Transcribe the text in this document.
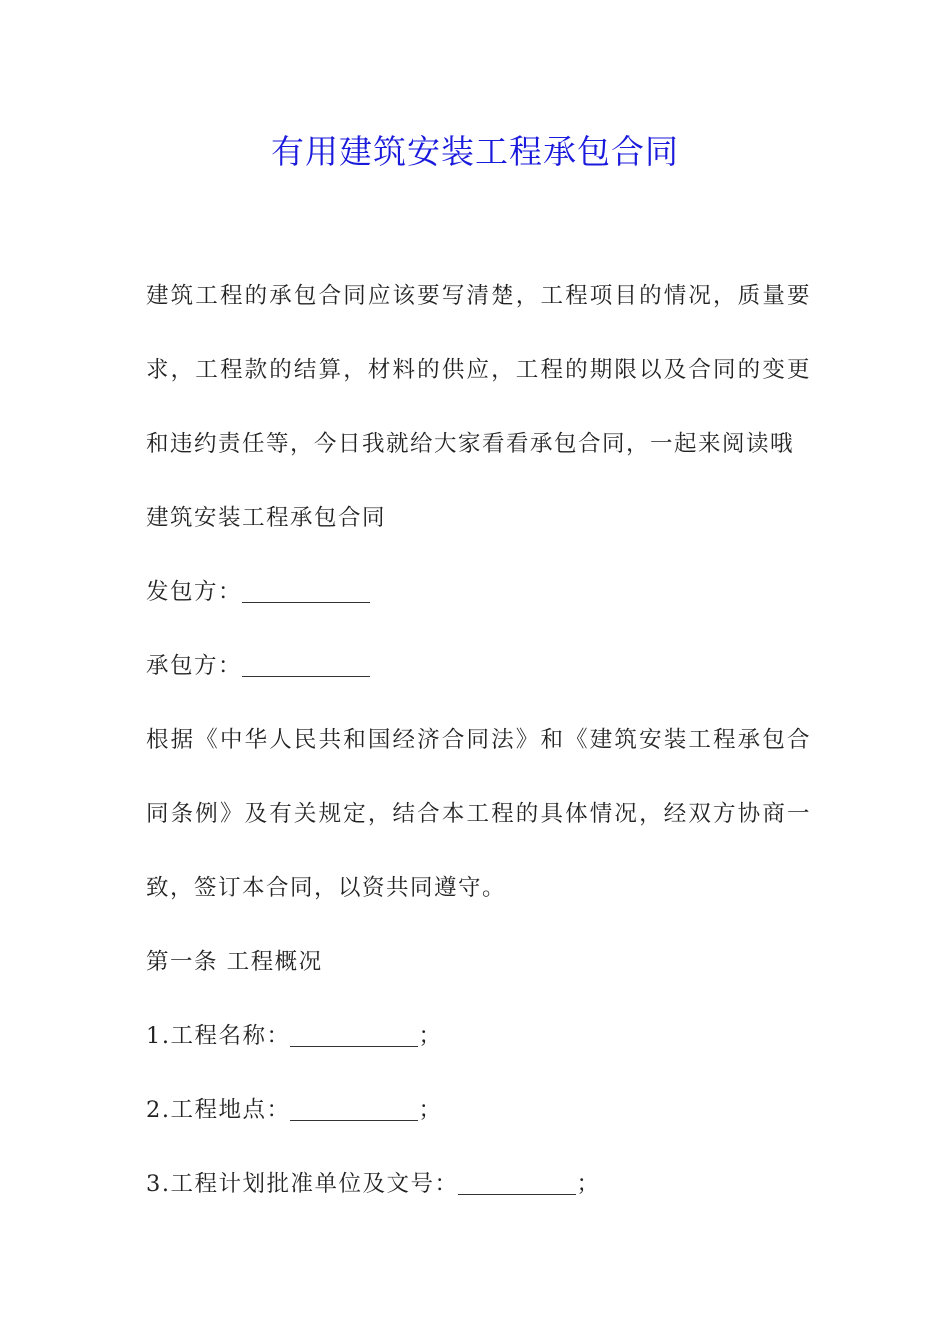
有用建筑安装工程承包合同

建筑工程的承包合同应该要写清楚，工程项目的情况，质量要求，工程款的结算，材料的供应，工程的期限以及合同的变更和违约责任等，今日我就给大家看看承包合同，一起来阅读哦

建筑安装工程承包合同

发包方：

承包方：

根据《中华人民共和国经济合同法》和《建筑安装工程承包合同条例》及有关规定，结合本工程的具体情况，经双方协商一致，签订本合同，以资共同遵守。

第一条 工程概况

1.工程名称：	；

2.工程地点：	；

3.工程计划批准单位及文号：	；
